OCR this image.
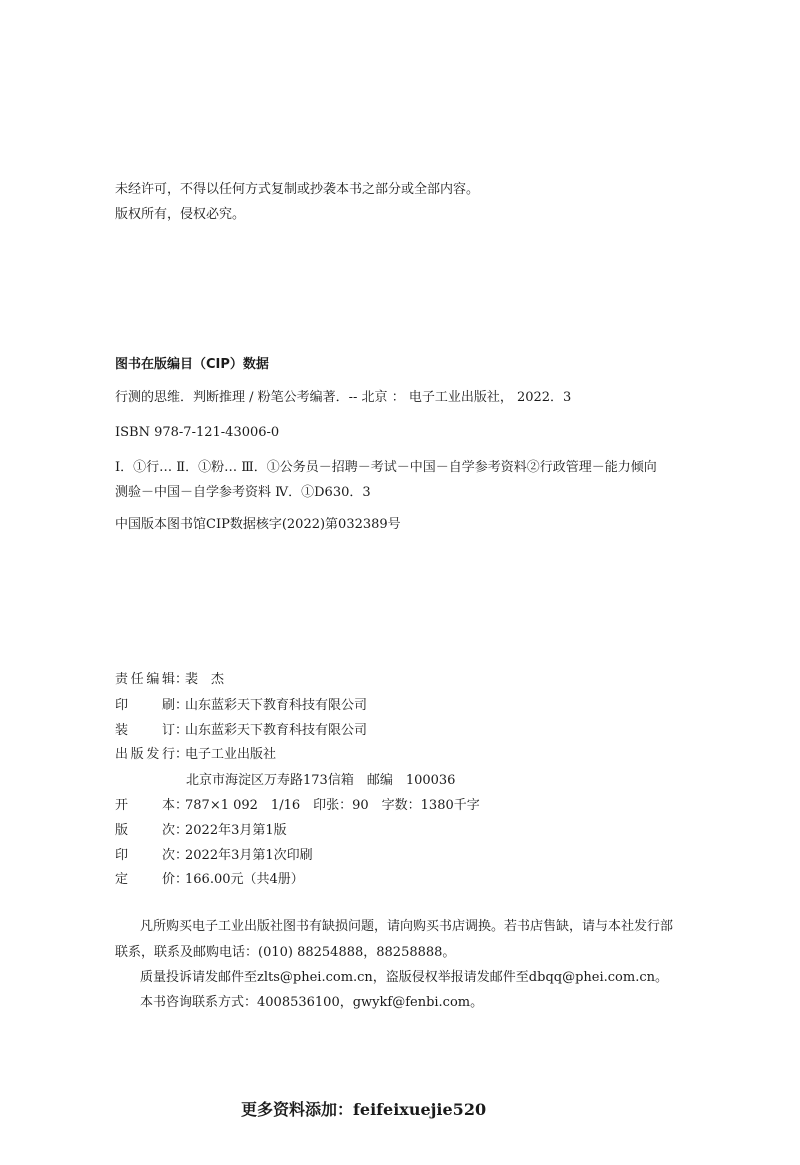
未经许可，不得以任何方式复制或抄袭本书之部分或全部内容。
版权所有，侵权必究。
图书在版编目（CIP）数据
行测的思维．判断推理 / 粉笔公考编著．-- 北京 ： 电子工业出版社， 2022．3
ISBN 978-7-121-43006-0
Ⅰ．①行… Ⅱ．①粉… Ⅲ．①公务员－招聘－考试－中国－自学参考资料②行政管理－能力倾向
测验－中国－自学参考资料 Ⅳ．①D630．3
中国版本图书馆CIP数据核字(2022)第032389号
责任编辑 ：
裴　杰
印　　刷 ：
山东蓝彩天下教育科技有限公司
装　　订 ：
山东蓝彩天下教育科技有限公司
出版发行 ：
电子工业出版社
北京市海淀区万寿路173信箱　邮编　100036
开　　本 ：
787×1 092　1/16　印张：90　字数：1380千字
版　　次 ：
2022年3月第1版
印　　次 ：
2022年3月第1次印刷
定　　价 ：
166.00元（共4册）
凡所购买电子工业出版社图书有缺损问题，请向购买书店调换。若书店售缺，请与本社发行部
联系，联系及邮购电话：(010) 88254888，88258888。
质量投诉请发邮件至zlts@phei.com.cn，盗版侵权举报请发邮件至dbqq@phei.com.cn。
本书咨询联系方式：4008536100，gwykf@fenbi.com。
更多资料添加：feifeixuejie520
